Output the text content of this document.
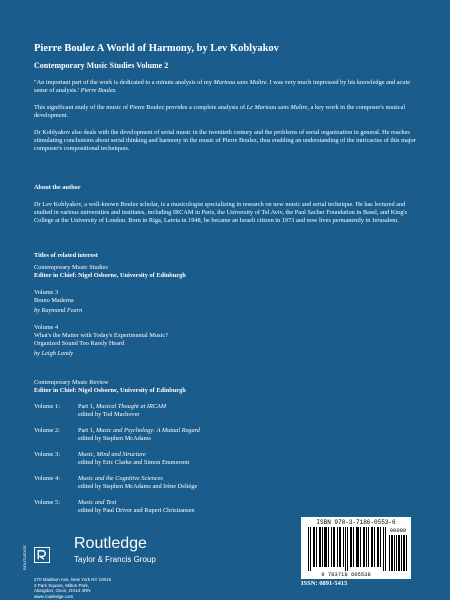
Pierre Boulez A World of Harmony, by Lev Koblyakov
Contemporary Music Studies Volume 2

"An important part of the work is dedicated to a minute analysis of my Marteau sans Maître. I was very much impressed by his knowledge and acute sense of analysis.' Pierre Boulez.

This significant study of the music of Pierre Boulez provides a complete analysis of Le Marteau sans Maître, a key work in the composer's musical development.

Dr Koblyakov also deals with the development of serial music in the twentieth century and the problems of serial organization in general. He reaches stimulating conclusions about serial thinking and harmony in the music of Pierre Boulez, thus enabling an understanding of the intricacies of this major composer's compositional techniques.

About the author

Dr Lev Koblyakov, a well-known Boulez scholar, is a musicologist specializing in research on new music and serial technique. He has lectured and studied in various universities and institutes, including IRCAM in Paris, the University of Tel Aviv, the Paul Sacher Foundation in Basel, and King's College at the University of London. Born in Riga, Latvia in 1948, he became an Israeli citizen in 1973 and now lives permanently in Jerusalem.

Titles of related interest
Contemporary Music Studies
Editor in Chief: Nigel Osborne, University of Edinburgh
Volume 3
Bruno Maderna
by Raymond Fearn
Volume 4
What's the Matter with Today's Experimental Music?
Organized Sound Too Rarely Heard
by Leigh Landy
Contemporary Music Review
Editor in Chief: Nigel Osborne, University of Edinburgh
Volume 1:	Part 1, Musical Thought at IRCAM
edited by Tod Machover
Volume 2:	Part 1, Music and Psychology: A Mutual Regard
edited by Stephen McAdams
Volume 3:	Music, Mind and Structure
edited by Eric Clarke and Simon Emmerson
Volume 4:	Music and the Cognitive Sciences
edited by Stephen McAdams and Irène Deliège
Volume 5:	Music and Text
edited by Paul Driver and Rupert Christiansen
ROUTLEDGE
Routledge
Taylor & Francis Group
270 Madison Ave, New York NY 10016
2 Park Square, Milton Park,
Abingdon, Oxon, OX14 4RN
www.routledge.com
ISBN 978-3-7186-0553-6
90000
9 783718 605538
ISSN: 0891-5415
